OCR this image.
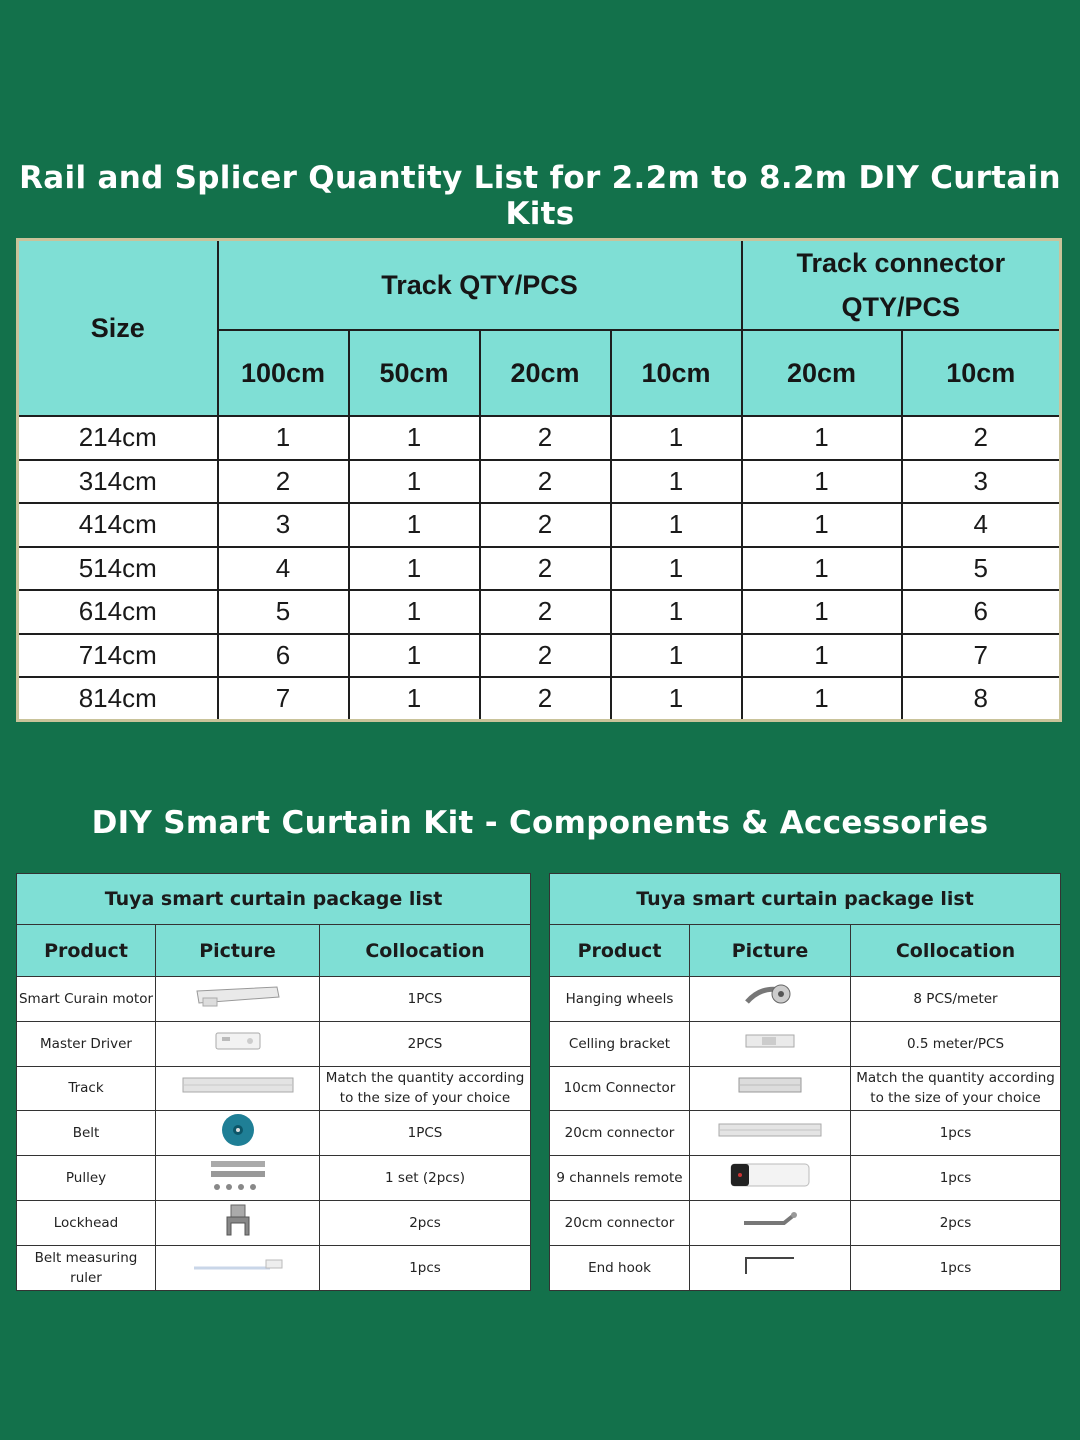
Rail and Splicer Quantity List for 2.2m to 8.2m DIY Curtain Kits
Size	Track QTY/PCS				Track connector
QTY/PCS	
	100cm	50cm	20cm	10cm	20cm	10cm
214cm	1	1	2	1	1	2
314cm	2	1	2	1	1	3
414cm	3	1	2	1	1	4
514cm	4	1	2	1	1	5
614cm	5	1	2	1	1	6
714cm	6	1	2	1	1	7
814cm	7	1	2	1	1	8
DIY Smart Curtain Kit - Components & Accessories
Tuya smart curtain package list		
Product	Picture	Collocation
Smart Curain motor		1PCS
Master Driver		2PCS
Track		Match the quantity according to the size of your choice
Belt		1PCS
Pulley		1 set (2pcs)
Lockhead		2pcs
Belt measuring ruler		1pcs
Tuya smart curtain package list		
Product	Picture	Collocation
Hanging wheels		8 PCS/meter
Celling bracket		0.5 meter/PCS
10cm Connector		Match the quantity according to the size of your choice
20cm connector		1pcs
9 channels remote		1pcs
20cm connector		2pcs
End hook		1pcs
